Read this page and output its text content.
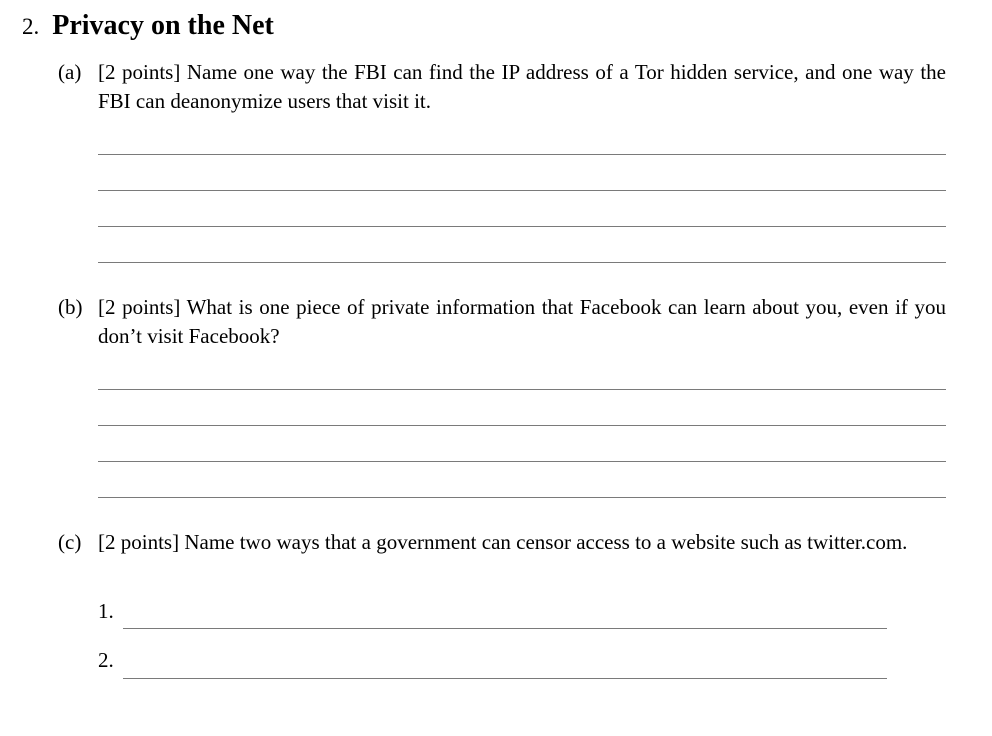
2. Privacy on the Net
(a) [2 points] Name one way the FBI can find the IP address of a Tor hidden service, and one way the FBI can deanonymize users that visit it.
(b) [2 points] What is one piece of private information that Facebook can learn about you, even if you don’t visit Facebook?
(c) [2 points] Name two ways that a government can censor access to a website such as twitter.com.
1.
2.
